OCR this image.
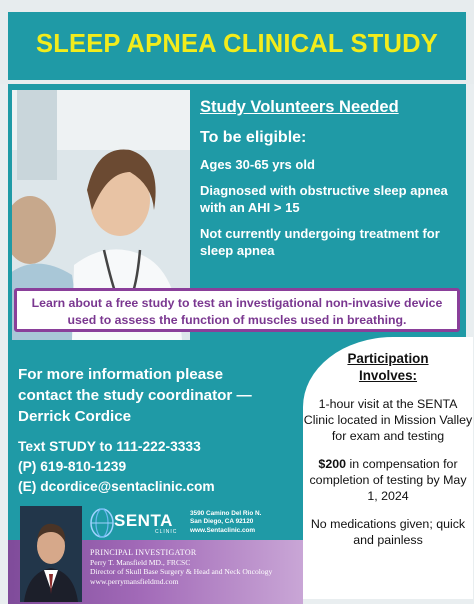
SLEEP APNEA CLINICAL STUDY
Study Volunteers Needed
To be eligible:
Ages 30-65 yrs old
Diagnosed with obstructive sleep apnea with an AHI > 15
Not currently undergoing treatment for sleep apnea
Learn about a free study to test an investigational non-invasive device used to assess the function of muscles used in breathing.
For more information please
contact the study coordinator —
Derrick Cordice
Text STUDY to 111-222-3333
(P) 619-810-1239
(E) dcordice@sentaclinic.com
Participation
Involves:
1-hour visit at the SENTA Clinic located in Mission Valley for exam and testing
$200 in compensation for completion of testing by May 1, 2024
No medications given; quick and painless
SENTA
CLINIC
3590 Camino Del Rio N.
San Diego, CA 92120
www.Sentaclinic.com
PRINCIPAL INVESTIGATOR
Perry T. Mansfield MD., FRCSC
Director of Skull Base Surgery & Head and Neck Oncology
www.perrymansfieldmd.com
